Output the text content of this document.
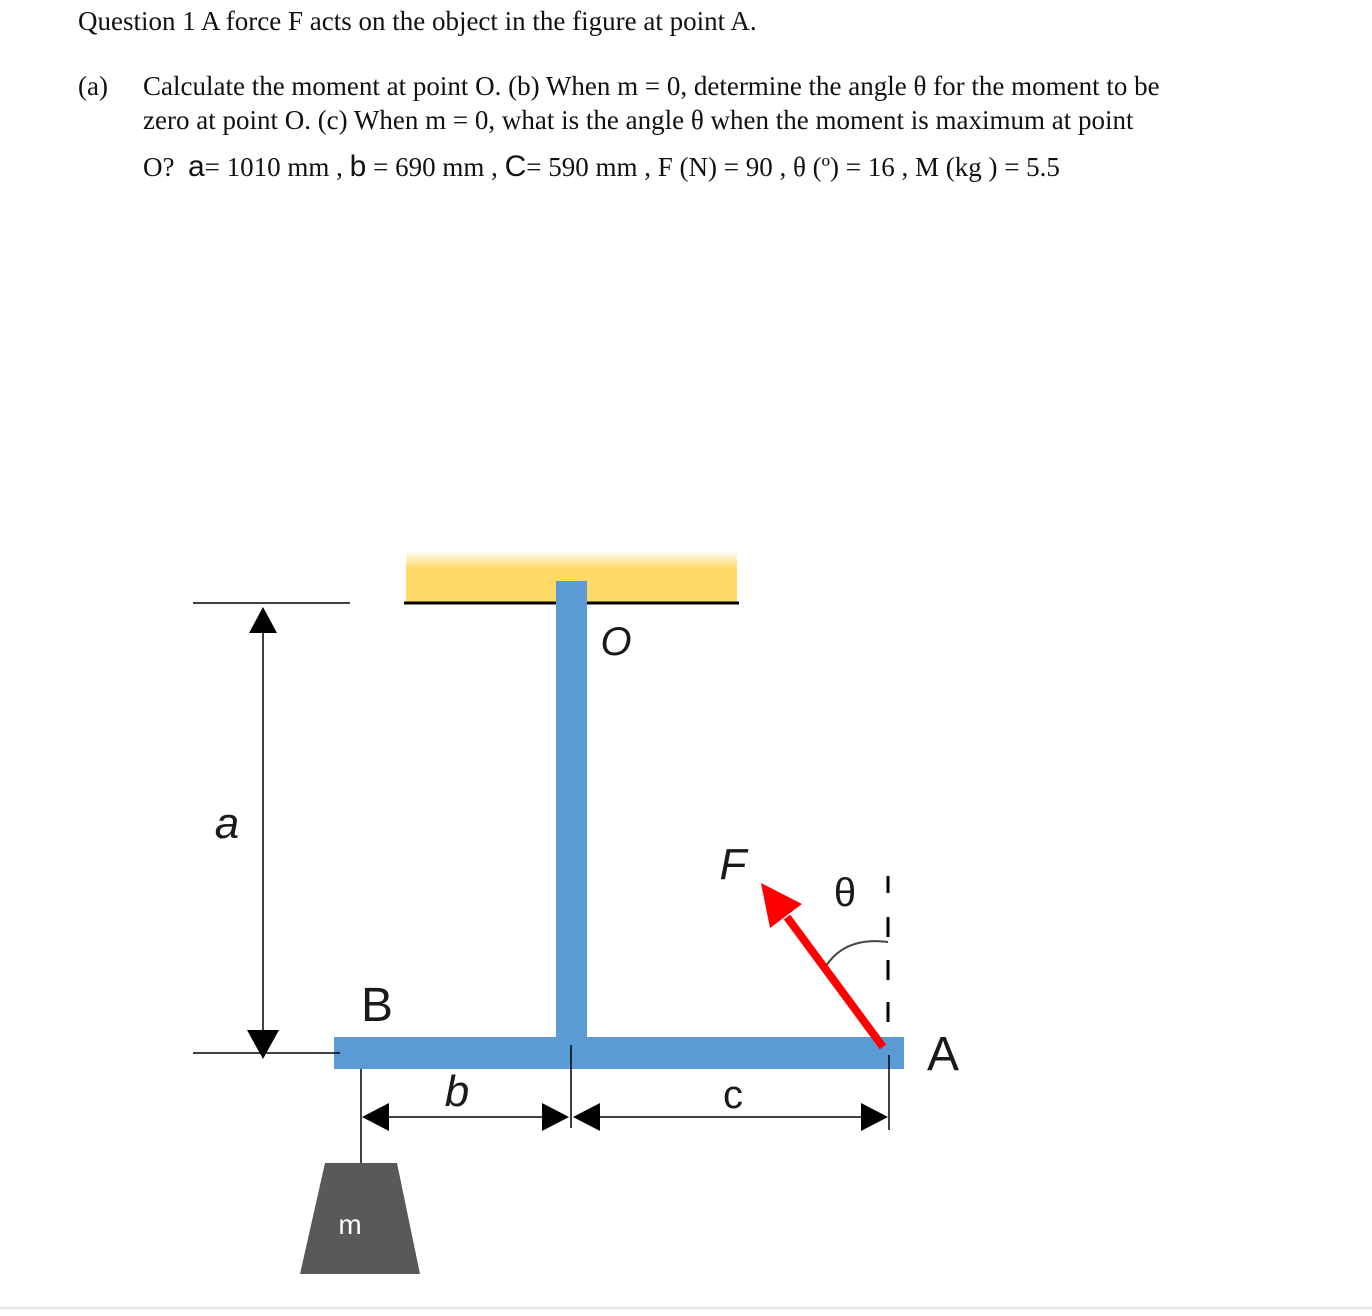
Question 1 A force F acts on the object in the figure at point A.
(a) Calculate the moment at point O. (b) When m = 0, determine the angle θ for the moment to be
zero at point O. (c) When m = 0, what is the angle θ when the moment is maximum at point
O? a= 1010 mm , b = 690 mm , C= 590 mm , F (N) = 90 , θ (º) = 16 , M (kg ) = 5.5
O
a
B
b	c
F
θ
A
m
